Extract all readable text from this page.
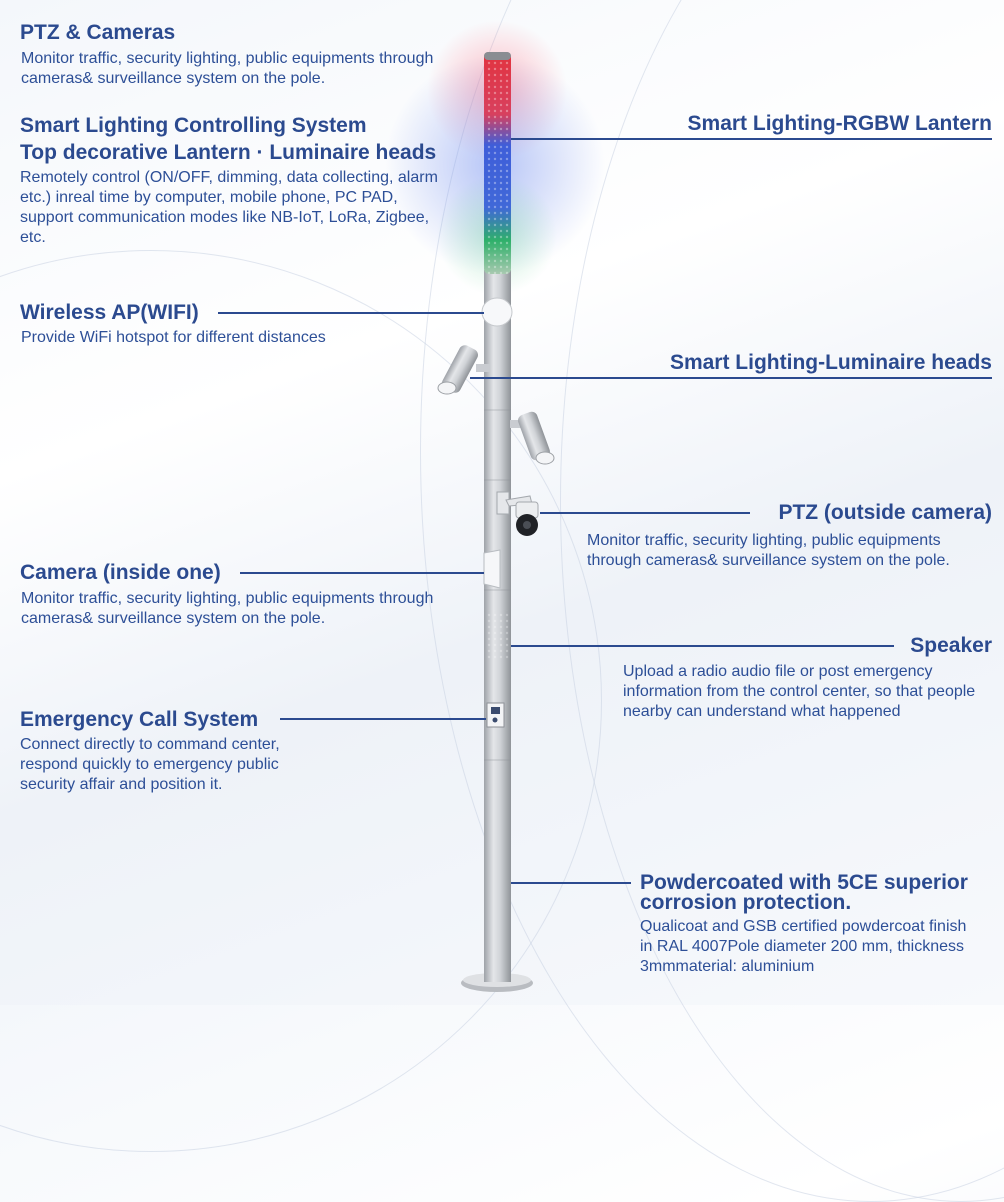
PTZ & Cameras
Monitor traffic, security lighting, public equipments through cameras& surveillance system on the pole.
Smart Lighting Controlling System
Top decorative Lantern · Luminaire heads
Remotely control (ON/OFF, dimming, data collecting, alarm etc.) inreal time by computer, mobile phone, PC PAD, support communication modes like NB-IoT, LoRa, Zigbee, etc.
Wireless AP(WIFI)
Provide WiFi hotspot for different distances
Camera (inside one)
Monitor traffic, security lighting, public equipments through cameras& surveillance system on the pole.
Emergency Call System
Connect directly to command center, respond quickly to emergency public security affair and position it.
Smart Lighting-RGBW Lantern
Smart Lighting-Luminaire heads
PTZ (outside camera)
Monitor traffic, security lighting, public equipments through cameras& surveillance system on the pole.
Speaker
Upload a radio audio file or post emergency information from the control center, so that people nearby can understand what happened
Powdercoated with 5CE superior
corrosion protection.
Qualicoat and GSB certified powdercoat finish in RAL 4007Pole diameter 200 mm, thickness 3mmmaterial: aluminium
